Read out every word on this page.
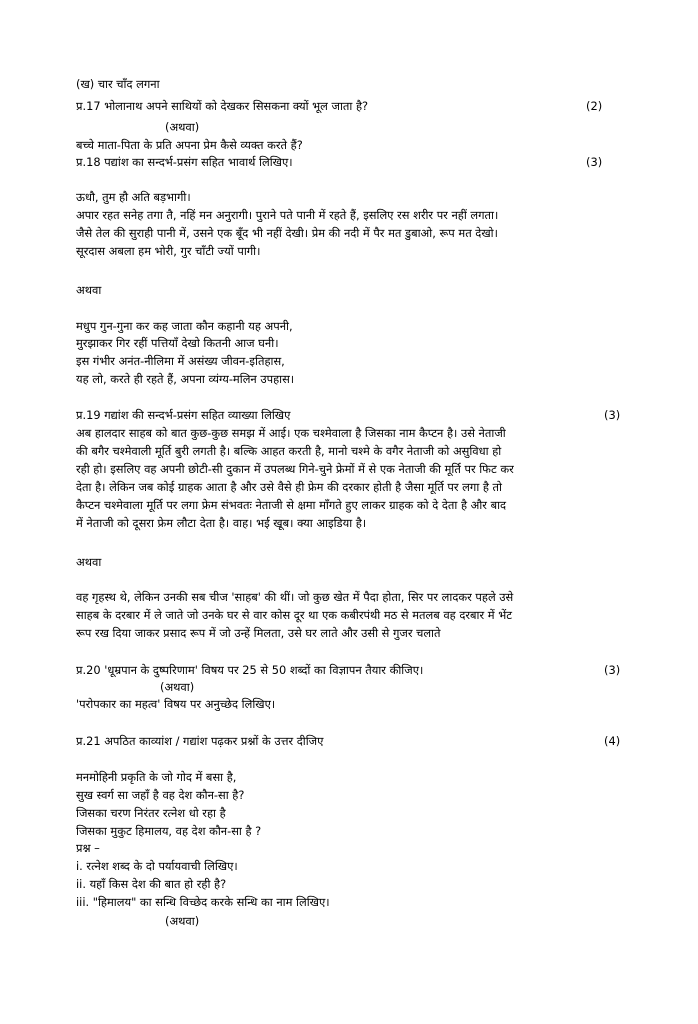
(ख) चार चाँद लगना
प्र.17 भोलानाथ अपने साथियों को देखकर सिसकना क्यों भूल जाता है?	(2)
(अथवा)
बच्चे माता-पिता के प्रति अपना प्रेम कैसे व्यक्त करते हैं?
प्र.18 पद्यांश का सन्दर्भ-प्रसंग सहित भावार्थ लिखिए।	(3)
ऊधौ, तुम हौ अति बड़भागी।
अपार रहत सनेह तगा तै, नहिं मन अनुरागी। पुराने पते पानी में रहते हैं, इसलिए रस शरीर पर नहीं लगता।
जैसे तेल की सुराही पानी में, उसने एक बूँद भी नहीं देखी। प्रेम की नदी में पैर मत डुबाओ, रूप मत देखो।
सूरदास अबला हम भोरी, गुर चाँटी ज्यों पागी।
अथवा
मधुप गुन-गुना कर कह जाता कौन कहानी यह अपनी,
मुरझाकर गिर रहीं पत्तियाँ देखो कितनी आज घनी।
इस गंभीर अनंत-नीलिमा में असंख्य जीवन-इतिहास,
यह लो, करते ही रहते हैं, अपना व्यंग्य-मलिन उपहास।
प्र.19 गद्यांश की सन्दर्भ-प्रसंग सहित व्याख्या लिखिए	(3)
अब हालदार साहब को बात कुछ-कुछ समझ में आई। एक चश्मेवाला है जिसका नाम कैप्टन है। उसे नेताजी
की बगैर चश्मेवाली मूर्ति बुरी लगती है। बल्कि आहत करती है, मानो चश्मे के वगैर नेताजी को असुविधा हो
रही हो। इसलिए वह अपनी छोटी-सी दुकान में उपलब्ध गिने-चुने फ्रेमों में से एक नेताजी की मूर्ति पर फिट कर
देता है। लेकिन जब कोई ग्राहक आता है और उसे वैसे ही फ्रेम की दरकार होती है जैसा मूर्ति पर लगा है तो
कैप्टन चश्मेवाला मूर्ति पर लगा फ्रेम संभवतः नेताजी से क्षमा माँगते हुए लाकर ग्राहक को दे देता है और बाद
में नेताजी को दूसरा फ्रेम लौटा देता है। वाह। भई खूब। क्या आइडिया है।
अथवा
वह गृहस्थ थे, लेकिन उनकी सब चीज 'साहब' की थीं। जो कुछ खेत में पैदा होता, सिर पर लादकर पहले उसे
साहब के दरबार में ले जाते जो उनके घर से वार कोस दूर था एक कबीरपंथी मठ से मतलब वह दरबार में भेंट
रूप रख दिया जाकर प्रसाद रूप में जो उन्हें मिलता, उसे घर लाते और उसी से गुजर चलाते
प्र.20 'धूम्रपान के दुष्परिणाम' विषय पर 25 से 50 शब्दों का विज्ञापन तैयार कीजिए।	(3)
(अथवा)
'परोपकार का महत्व' विषय पर अनुच्छेद लिखिए।
प्र.21 अपठित काव्यांश / गद्यांश पढ़कर प्रश्नों के उत्तर दीजिए	(4)
मनमोहिनी प्रकृति के जो गोद में बसा है,
सुख स्वर्ग सा जहाँ है वह देश कौन-सा है?
जिसका चरण निरंतर रत्नेश धो रहा है
जिसका मुकुट हिमालय, वह देश कौन-सा है ?
प्रश्न –
i. रत्नेश शब्द के दो पर्यायवाची लिखिए।
ii. यहाँ किस देश की बात हो रही है?
iii. "हिमालय" का सन्धि विच्छेद करके सन्धि का नाम लिखिए।
(अथवा)
